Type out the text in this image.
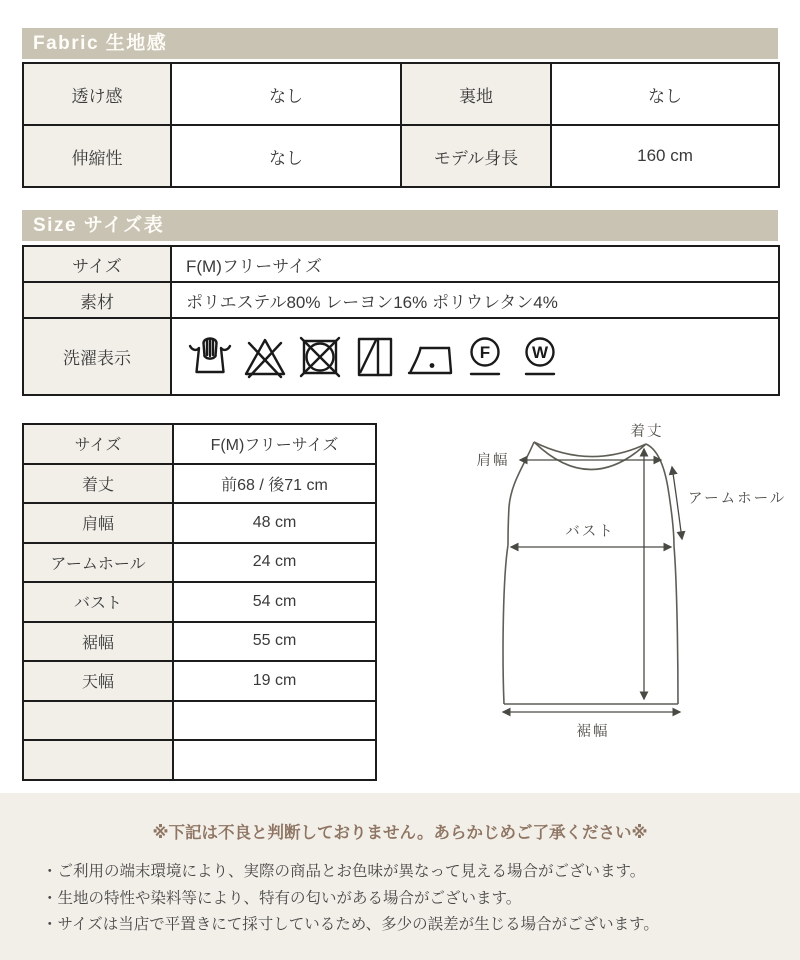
Fabric 生地感
透け感	なし	裏地	なし
伸縮性	なし	モデル身長	160 cm
Size サイズ表
サイズ	F(M)フリーサイズ
素材	ポリエステル80% レーヨン16% ポリウレタン4%
洗濯表示	F W
サイズ	F(M)フリーサイズ
着丈	前68 / 後71 cm
肩幅	48 cm
アームホール	24 cm
バスト	54 cm
裾幅	55 cm
天幅	19 cm

着丈
肩幅
アームホール
バスト
裾幅

※下記は不良と判断しておりません。あらかじめご了承ください※

・ご利用の端末環境により、実際の商品とお色味が異なって見える場合がございます。
・生地の特性や染料等により、特有の匂いがある場合がございます。
・サイズは当店で平置きにて採寸しているため、多少の誤差が生じる場合がございます。
